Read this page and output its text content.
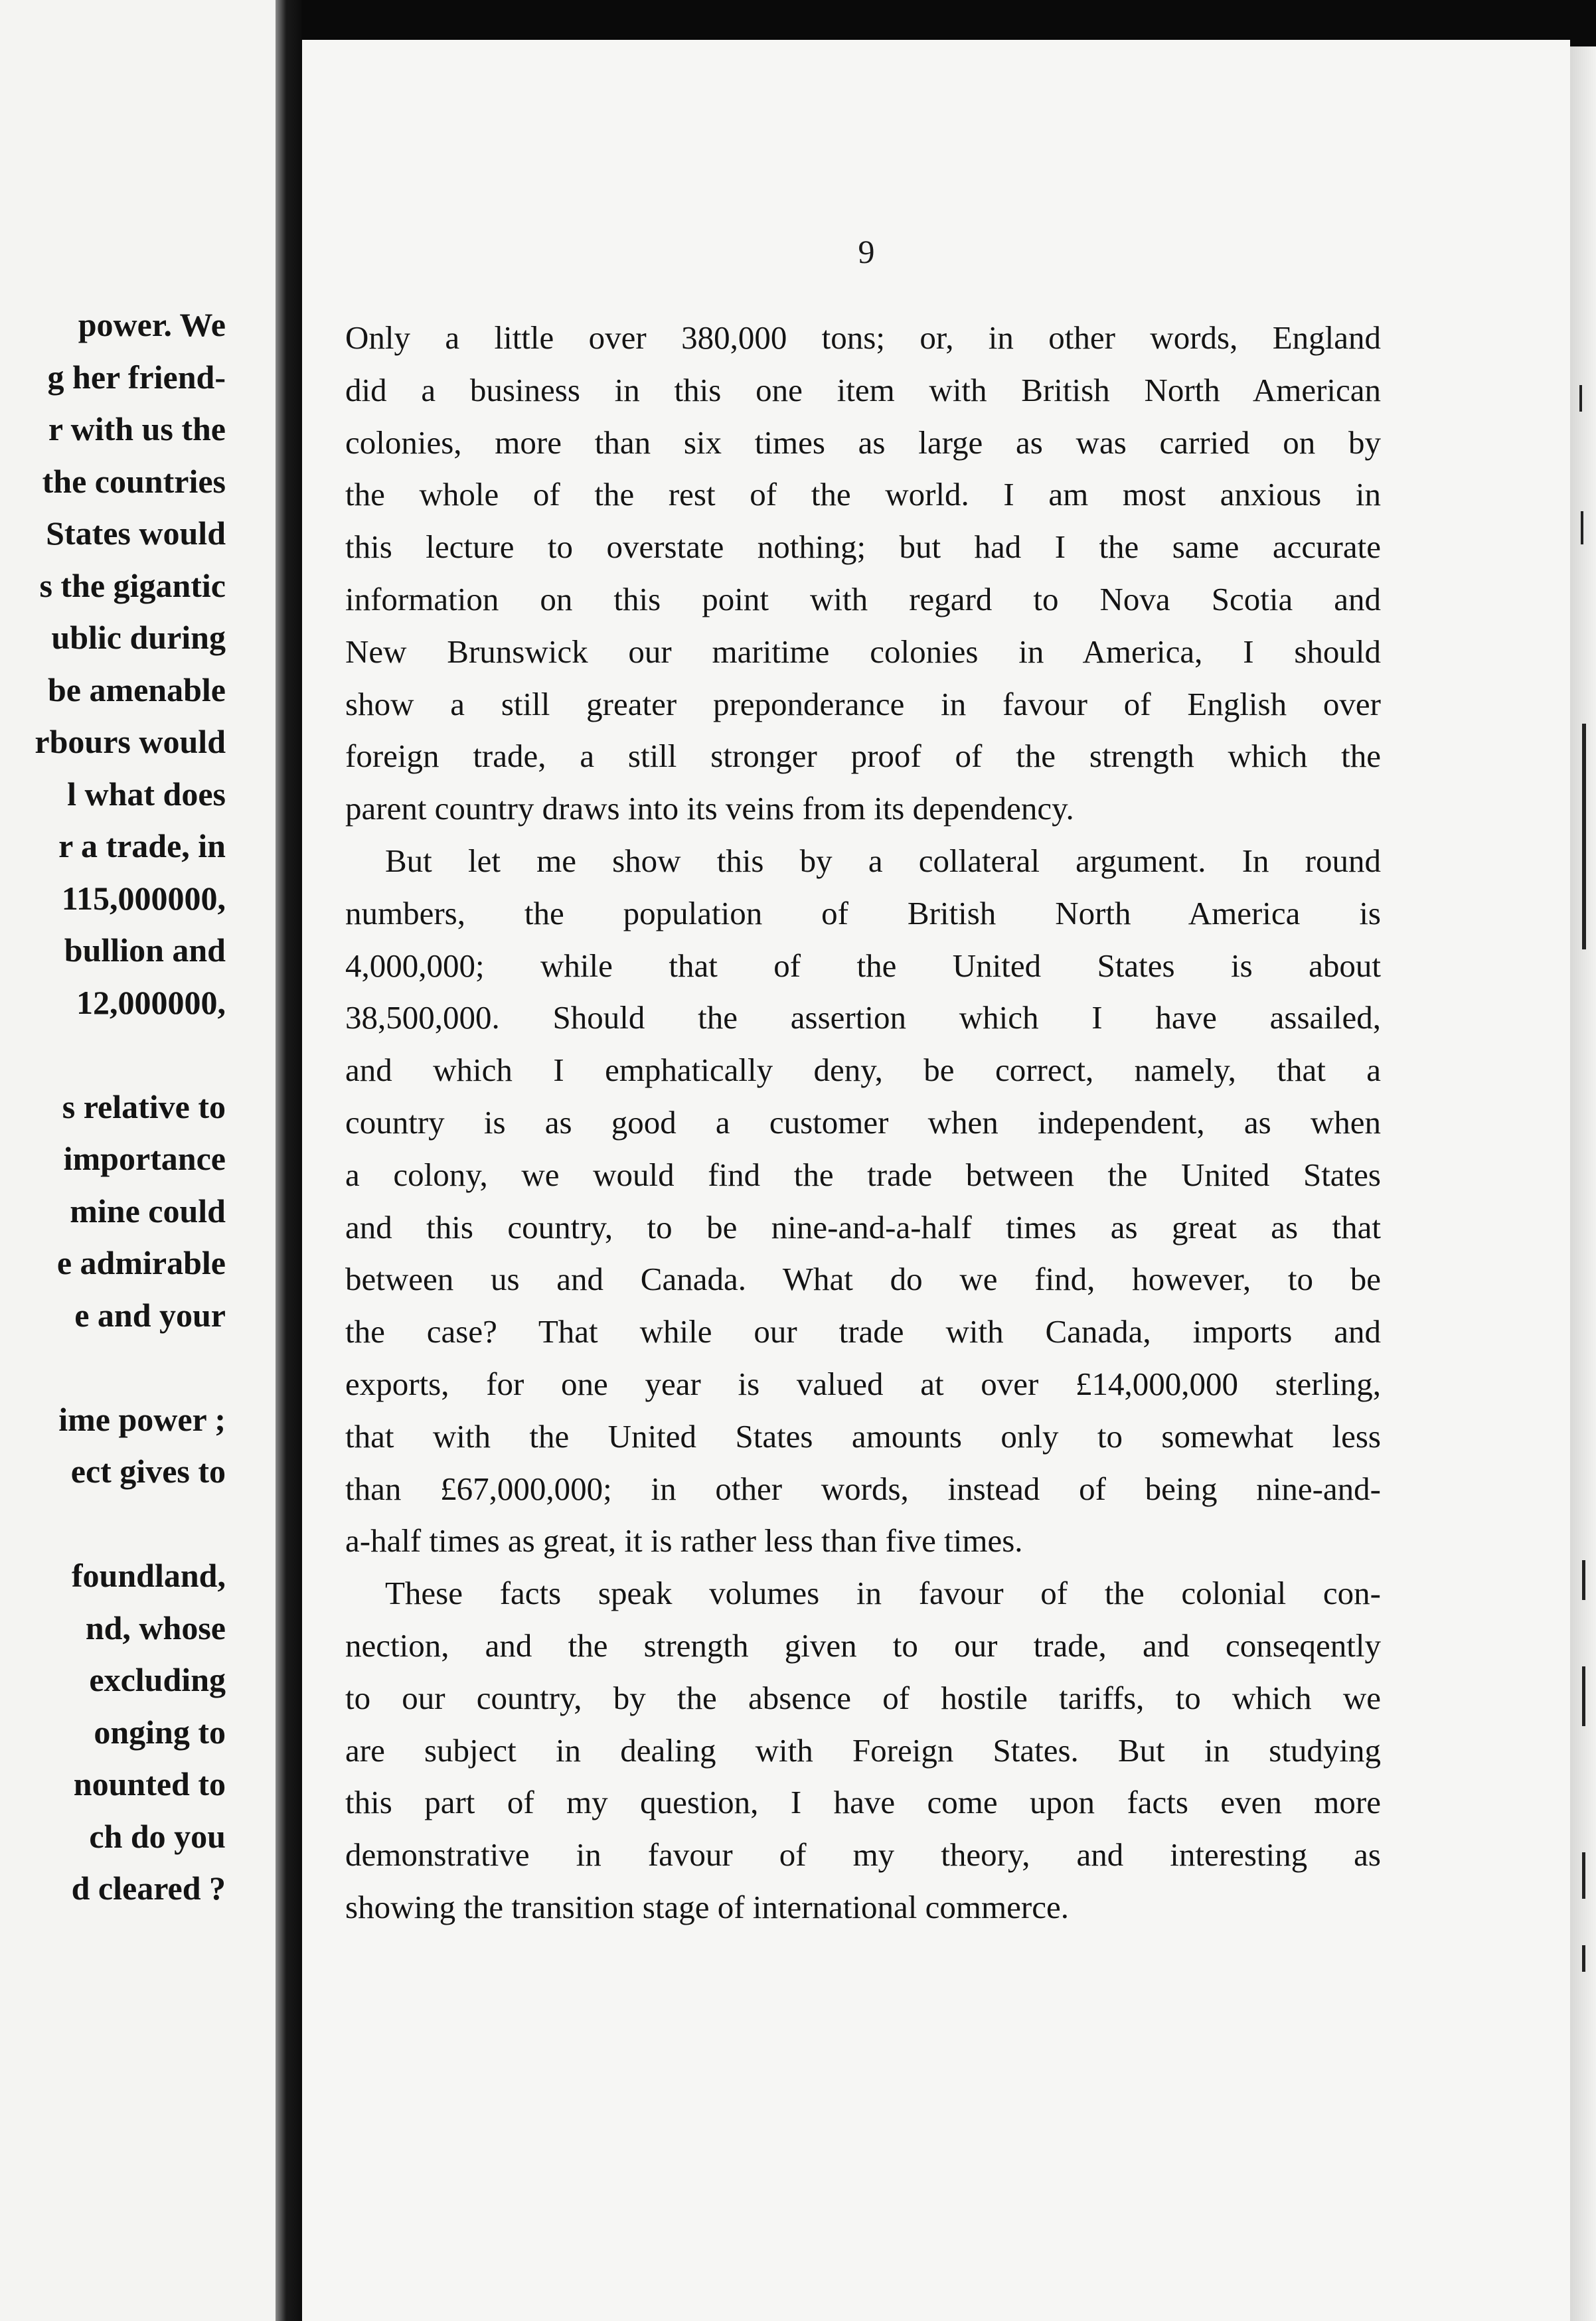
power. We
g her friend-
r with us the
the countries
States would
s the gigantic
ublic during
be amenable
rbours would
l what does
r a trade, in
115,000000,
bullion and
12,000000,
s relative to
importance
mine could
e admirable
e and your
ime power ;
ect gives to
foundland,
nd, whose
excluding
onging to
nounted to
ch do you
d cleared ?
9
Only a little over 380,000 tons; or, in other words, England
did a business in this one item with British North American
colonies, more than six times as large as was carried on by
the whole of the rest of the world. I am most anxious in
this lecture to overstate nothing; but had I the same accurate
information on this point with regard to Nova Scotia and
New Brunswick our maritime colonies in America, I should
show a still greater preponderance in favour of English over
foreign trade, a still stronger proof of the strength which the
parent country draws into its veins from its dependency.
But let me show this by a collateral argument. In round
numbers, the population of British North America is
4,000,000; while that of the United States is about
38,500,000. Should the assertion which I have assailed,
and which I emphatically deny, be correct, namely, that a
country is as good a customer when independent, as when
a colony, we would find the trade between the United States
and this country, to be nine-and-a-half times as great as that
between us and Canada. What do we find, however, to be
the case? That while our trade with Canada, imports and
exports, for one year is valued at over £14,000,000 sterling,
that with the United States amounts only to somewhat less
than £67,000,000; in other words, instead of being nine-and-
a-half times as great, it is rather less than five times.
These facts speak volumes in favour of the colonial con-
nection, and the strength given to our trade, and conseqently
to our country, by the absence of hostile tariffs, to which we
are subject in dealing with Foreign States. But in studying
this part of my question, I have come upon facts even more
demonstrative in favour of my theory, and interesting as
showing the transition stage of international commerce.
